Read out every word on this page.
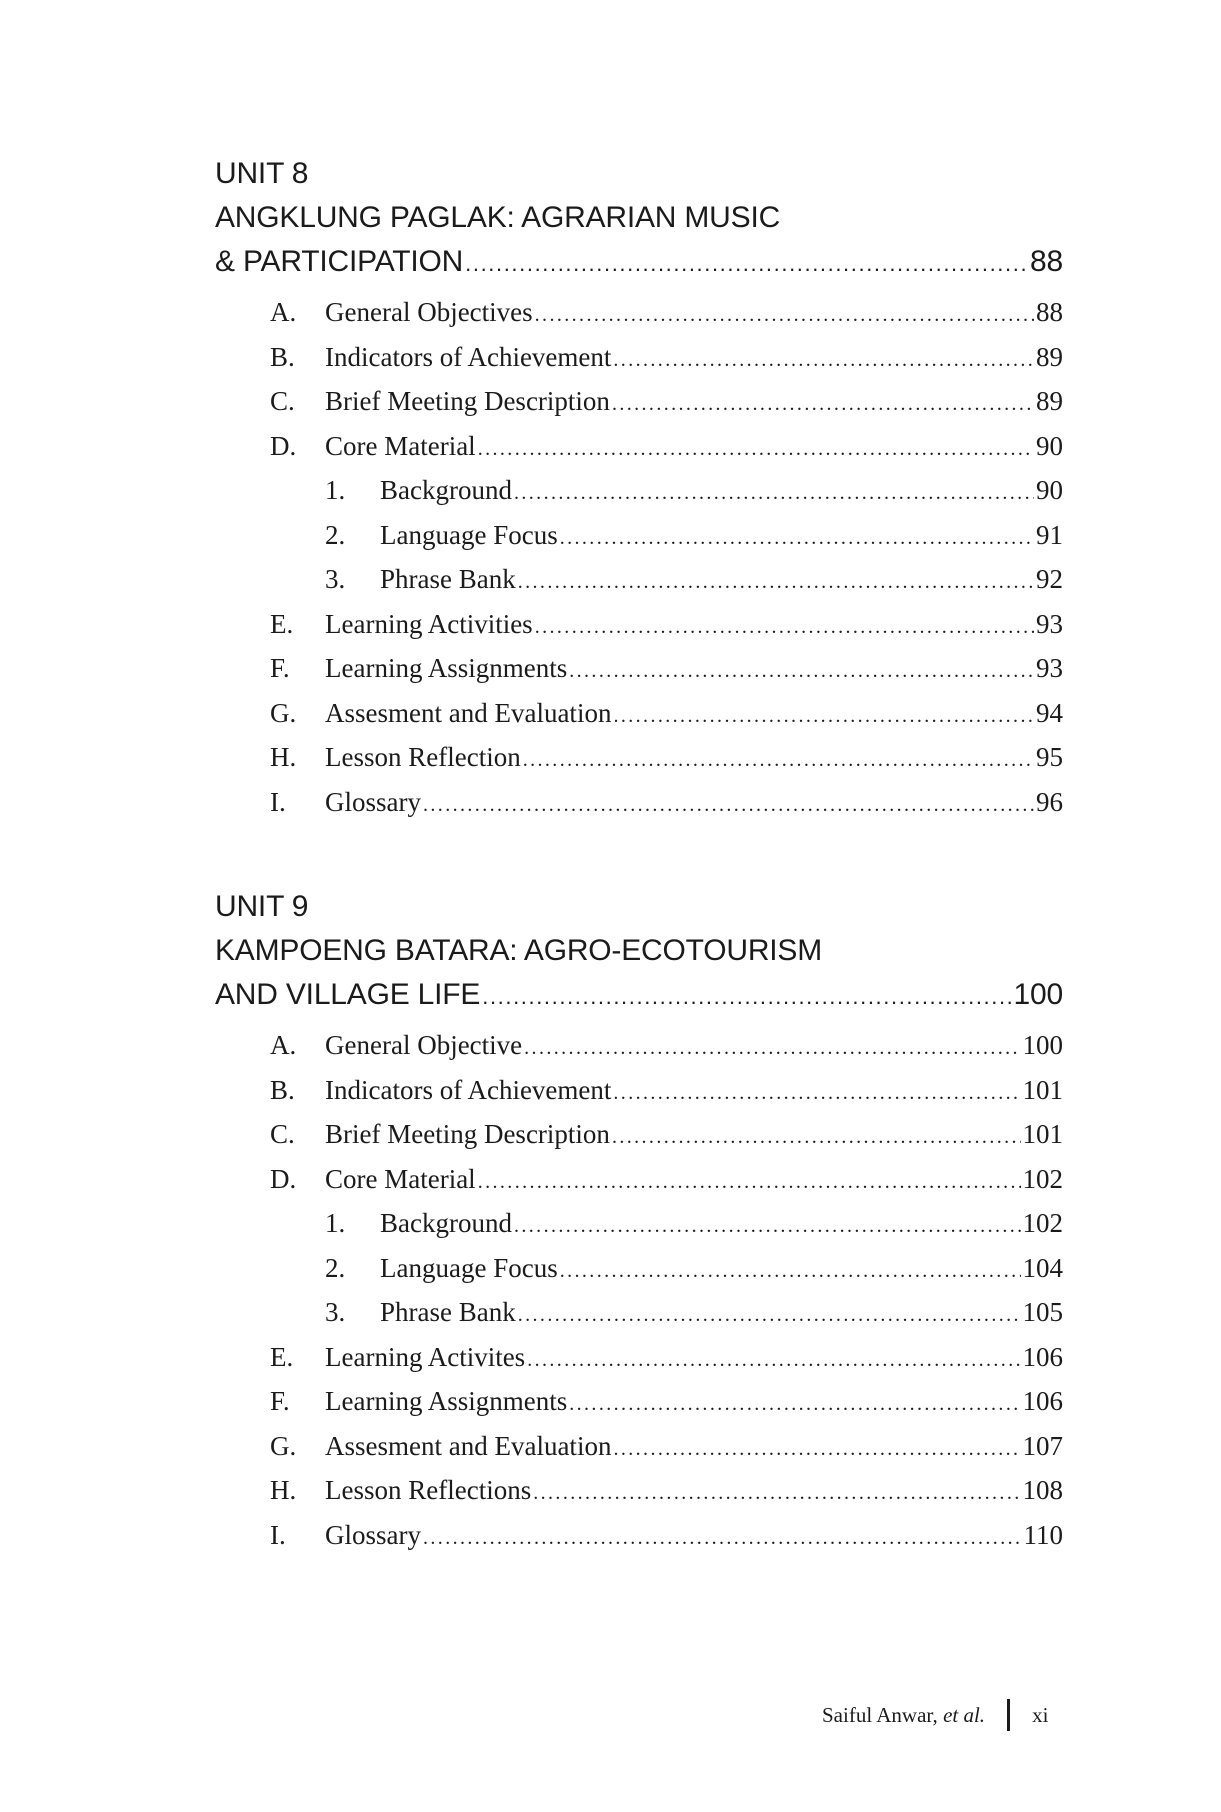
UNIT 8
ANGKLUNG PAGLAK: AGRARIAN MUSIC
& PARTICIPATION .....	88
A. General Objectives .....	88
B. Indicators of Achievement .....	89
C. Brief Meeting Description .....	89
D. Core Material .....	90
1. Background .....	90
2. Language Focus .....	91
3. Phrase Bank .....	92
E. Learning Activities .....	93
F. Learning Assignments .....	93
G. Assesment and Evaluation .....	94
H. Lesson Reflection .....	95
I. Glossary .....	96
UNIT 9
KAMPOENG BATARA: AGRO-ECOTOURISM
AND VILLAGE LIFE .....	100
A. General Objective .....	100
B. Indicators of Achievement .....	101
C. Brief Meeting Description .....	101
D. Core Material .....	102
1. Background .....	102
2. Language Focus .....	104
3. Phrase Bank .....	105
E. Learning Activites .....	106
F. Learning Assignments .....	106
G. Assesment and Evaluation .....	107
H. Lesson Reflections .....	108
I. Glossary .....	110
Saiful Anwar, et al. xi
